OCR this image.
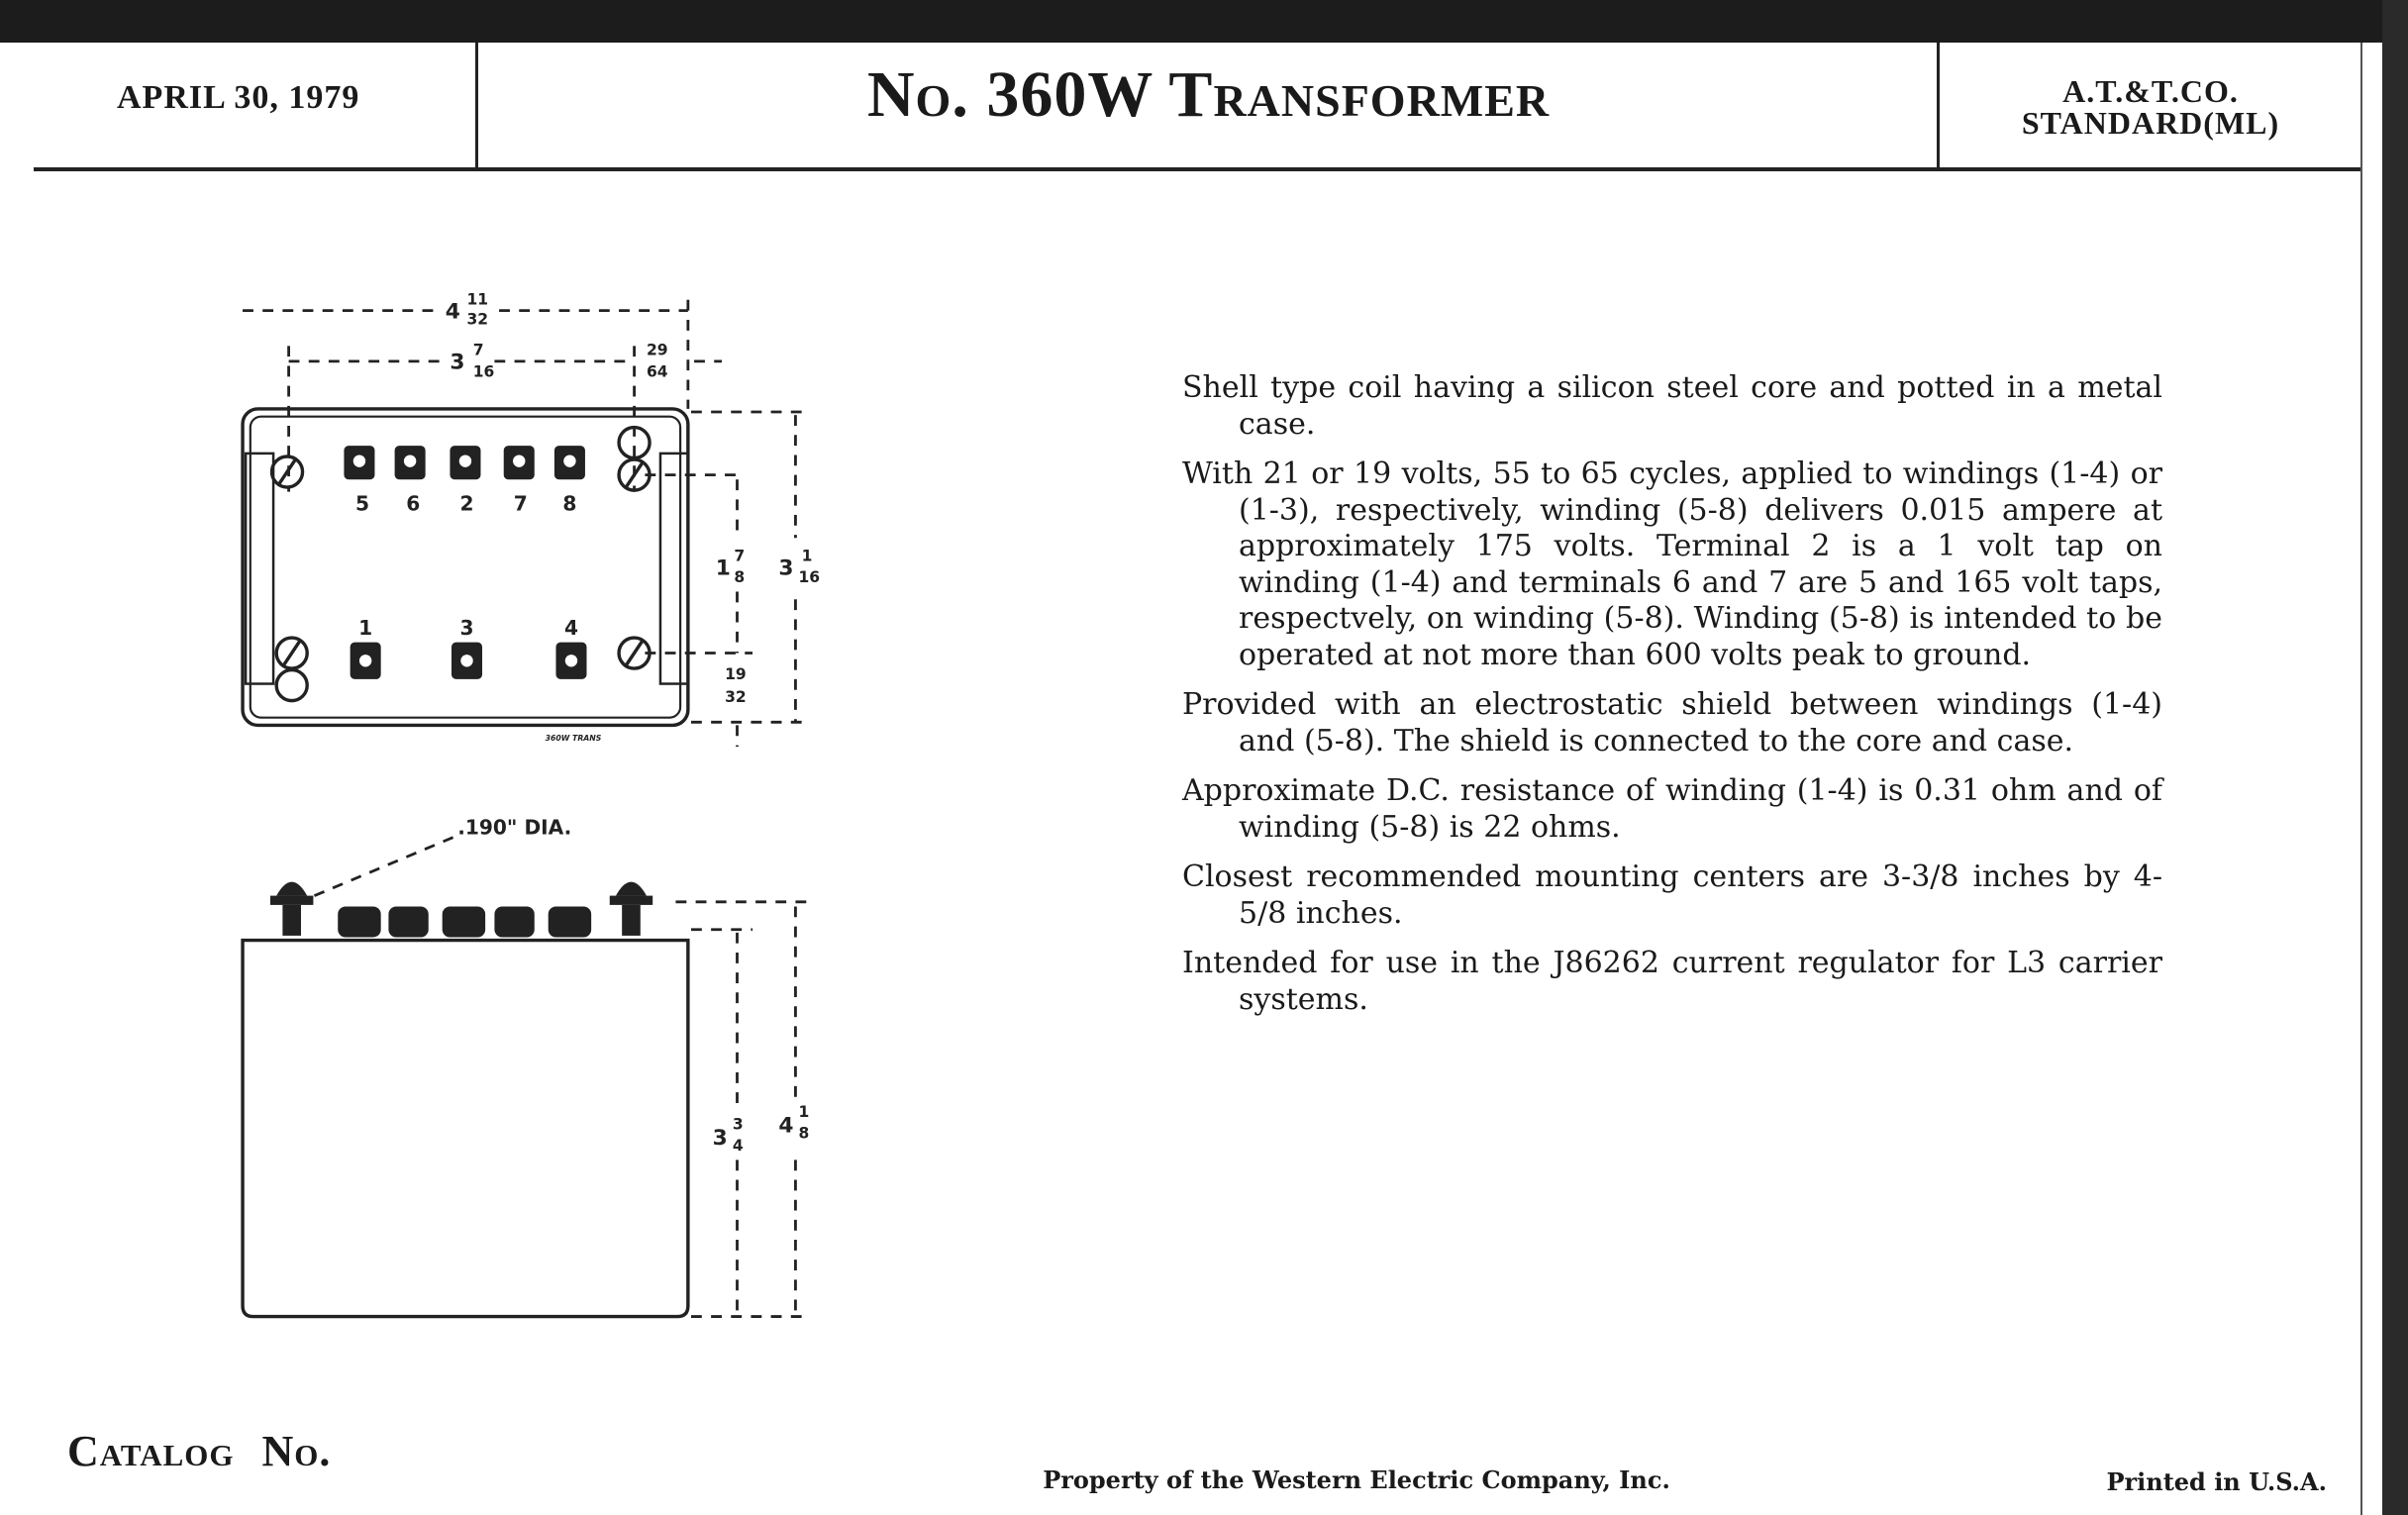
APRIL 30, 1979	No. 360W Transformer	A.T.&T.CO.
STANDARD(ML)
5	6	2	7	8
1	3	4
4 11
32
3 7
16
29
64
3 1
16
1 7
8
19
32
3
3
4
4
1
8
.190" DIA.
360W TRANS

Shell type coil having a silicon steel core and potted in a metal case.

With 21 or 19 volts, 55 to 65 cycles, applied to windings (1-4) or (1-3), respectively, winding (5-8) delivers 0.015 ampere at approximately 175 volts. Terminal 2 is a 1 volt tap on winding (1-4) and terminals 6 and 7 are 5 and 165 volt taps, respectvely, on winding (5-8). Winding (5-8) is intended to be operated at not more than 600 volts peak to ground.

Provided with an electrostatic shield between windings (1-4) and (5-8). The shield is connected to the core and case.

Approximate D.C. resistance of winding (1-4) is 0.31 ohm and of winding (5-8) is 22 ohms.

Closest recommended mounting centers are 3-3/8 inches by 4-5/8 inches.

Intended for use in the J86262 current regulator for L3 carrier systems.

Catalog No.
Property of the Western Electric Company, Inc.	Printed in U.S.A.
